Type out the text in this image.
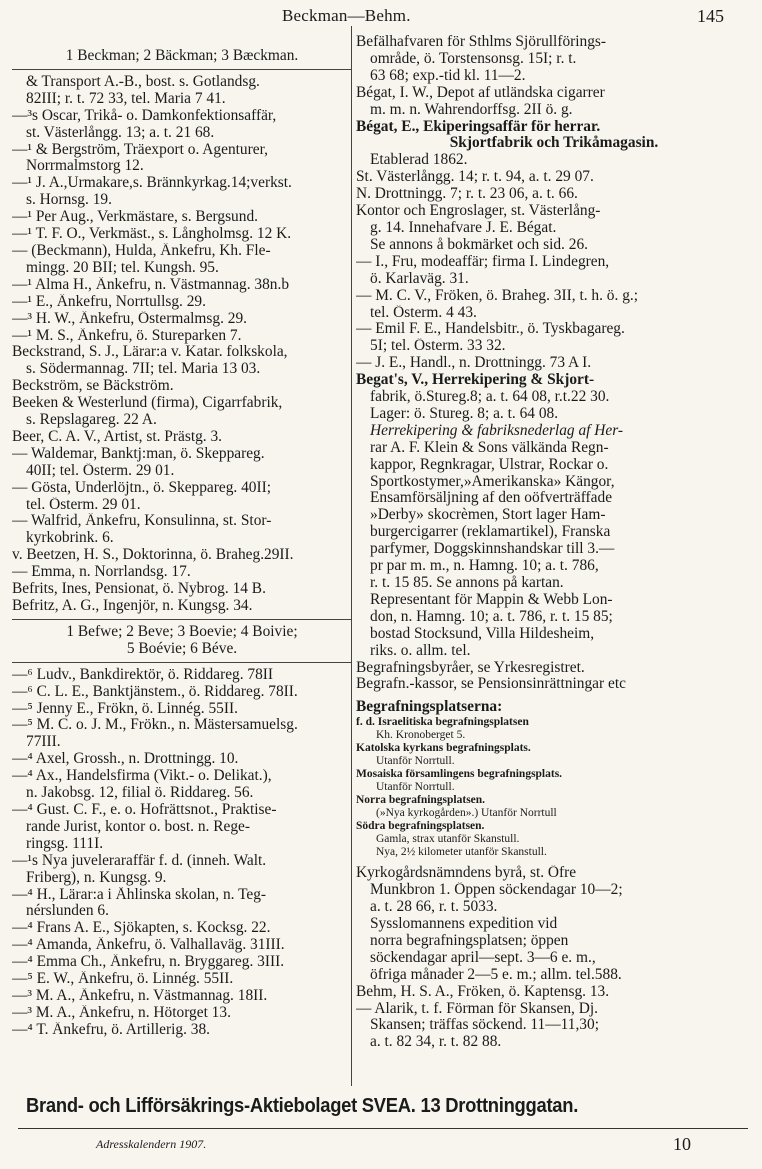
Beckman—Behm.	145
1 Beckman; 2 Bäckman; 3 Bæckman.
& Transport A.-B., bost. s. Gotlandsg.
82III; r. t. 72 33, tel. Maria 7 41.
—³s Oscar, Trikå- o. Damkonfektionsaffär,
st. Västerlångg. 13; a. t. 21 68.
—¹ & Bergström, Träexport o. Agenturer,
Norrmalmstorg 12.
—¹ J. A.,Urmakare,s. Brännkyrkag.14;verkst.
s. Hornsg. 19.
—¹ Per Aug., Verkmästare, s. Bergsund.
—¹ T. F. O., Verkmäst., s. Långholmsg. 12 K.
— (Beckmann), Hulda, Änkefru, Kh. Fle-
mingg. 20 BII; tel. Kungsh. 95.
—¹ Alma H., Änkefru, n. Västmannag. 38n.b
—¹ E., Änkefru, Norrtullsg. 29.
—³ H. W., Änkefru, Östermalmsg. 29.
—¹ M. S., Änkefru, ö. Stureparken 7.
Beckstrand, S. J., Lärar:a v. Katar. folkskola,
s. Södermannag. 7II; tel. Maria 13 03.
Beckström, se Bäckström.
Beeken & Westerlund (firma), Cigarrfabrik,
s. Repslagareg. 22 A.
Beer, C. A. V., Artist, st. Prästg. 3.
— Waldemar, Banktj:man, ö. Skeppareg.
40II; tel. Österm. 29 01.
— Gösta, Underlöjtn., ö. Skeppareg. 40II;
tel. Österm. 29 01.
— Walfrid, Änkefru, Konsulinna, st. Stor-
kyrkobrink. 6.
v. Beetzen, H. S., Doktorinna, ö. Braheg.29II.
— Emma, n. Norrlandsg. 17.
Befrits, Ines, Pensionat, ö. Nybrog. 14 B.
Befritz, A. G., Ingenjör, n. Kungsg. 34.
1 Befwe; 2 Beve; 3 Boevie; 4 Boivie;
5 Boévie; 6 Béve.
—⁶ Ludv., Bankdirektör, ö. Riddareg. 78II
—⁶ C. L. E., Banktjänstem., ö. Riddareg. 78II.
—⁵ Jenny E., Frökn, ö. Linnég. 55II.
—⁵ M. C. o. J. M., Frökn., n. Mästersamuelsg.
77III.
—⁴ Axel, Grossh., n. Drottningg. 10.
—⁴ Ax., Handelsfirma (Vikt.- o. Delikat.),
n. Jakobsg. 12, filial ö. Riddareg. 56.
—⁴ Gust. C. F., e. o. Hofrättsnot., Praktise-
rande Jurist, kontor o. bost. n. Rege-
ringsg. 111I.
—¹s Nya juveleraraffär f. d. (inneh. Walt.
Friberg), n. Kungsg. 9.
—⁴ H., Lärar:a i Åhlinska skolan, n. Teg-
nérslunden 6.
—⁴ Frans A. E., Sjökapten, s. Kocksg. 22.
—⁴ Amanda, Änkefru, ö. Valhallaväg. 31III.
—⁴ Emma Ch., Änkefru, n. Bryggareg. 3III.
—⁵ E. W., Änkefru, ö. Linnég. 55II.
—³ M. A., Änkefru, n. Västmannag. 18II.
—³ M. A., Änkefru, n. Hötorget 13.
—⁴ T. Änkefru, ö. Artillerig. 38.
Befälhafvaren för Sthlms Sjörullförings-
område, ö. Torstensonsg. 15I; r. t.
63 68; exp.-tid kl. 11—2.
Bégat, I. W., Depot af utländska cigarrer
m. m. n. Wahrendorffsg. 2II ö. g.
Bégat, E., Ekiperingsaffär för herrar.
Skjortfabrik och Trikåmagasin.
Etablerad 1862.
St. Västerlångg. 14; r. t. 94, a. t. 29 07.
N. Drottningg. 7; r. t. 23 06, a. t. 66.
Kontor och Engroslager, st. Västerlång-
g. 14. Innehafvare J. E. Bégat.
Se annons å bokmärket och sid. 26.
— I., Fru, modeaffär; firma I. Lindegren,
ö. Karlaväg. 31.
— M. C. V., Fröken, ö. Braheg. 3II, t. h. ö. g.;
tel. Österm. 4 43.
— Emil F. E., Handelsbitr., ö. Tyskbagareg.
5I; tel. Österm. 33 32.
— J. E., Handl., n. Drottningg. 73 A I.
Begat's, V., Herrekipering & Skjort-
fabrik, ö.Stureg.8; a. t. 64 08, r.t.22 30.
Lager: ö. Stureg. 8; a. t. 64 08.
Herrekipering & fabriksnederlag af Her-
rar A. F. Klein & Sons välkända Regn-
kappor, Regnkragar, Ulstrar, Rockar o.
Sportkostymer,»Amerikanska» Kängor,
Ensamförsäljning af den oöfverträffade
»Derby» skocrèmen, Stort lager Ham-
burgercigarrer (reklamartikel), Franska
parfymer, Doggskinnshandskar till 3.—
pr par m. m., n. Hamng. 10; a. t. 786,
r. t. 15 85. Se annons på kartan.
Representant för Mappin & Webb Lon-
don, n. Hamng. 10; a. t. 786, r. t. 15 85;
bostad Stocksund, Villa Hildesheim,
riks. o. allm. tel.
Begrafningsbyråer, se Yrkesregistret.
Begrafn.-kassor, se Pensionsinrättningar etc
Begrafningsplatserna:
f. d. Israelitiska begrafningsplatsen
Kh. Kronoberget 5.
Katolska kyrkans begrafningsplats.
Utanför Norrtull.
Mosaiska församlingens begrafningsplats.
Utanför Norrtull.
Norra begrafningsplatsen.
(»Nya kyrkogården».) Utanför Norrtull
Södra begrafningsplatsen.
Gamla, strax utanför Skanstull.
Nya, 2½ kilometer utanför Skanstull.
Kyrkogårdsnämndens byrå, st. Öfre
Munkbron 1. Öppen söckendagar 10—2;
a. t. 28 66, r. t. 5033.
Sysslomannens expedition vid
norra begrafningsplatsen; öppen
söckendagar april—sept. 3—6 e. m.,
öfriga månader 2—5 e. m.; allm. tel.588.
Behm, H. S. A., Fröken, ö. Kaptensg. 13.
— Alarik, t. f. Förman för Skansen, Dj.
Skansen; träffas söckend. 11—11,30;
a. t. 82 34, r. t. 82 88.
Brand- och Lifförsäkrings-Aktiebolaget SVEA. 13 Drottninggatan.
Adresskalendern 1907.	10
